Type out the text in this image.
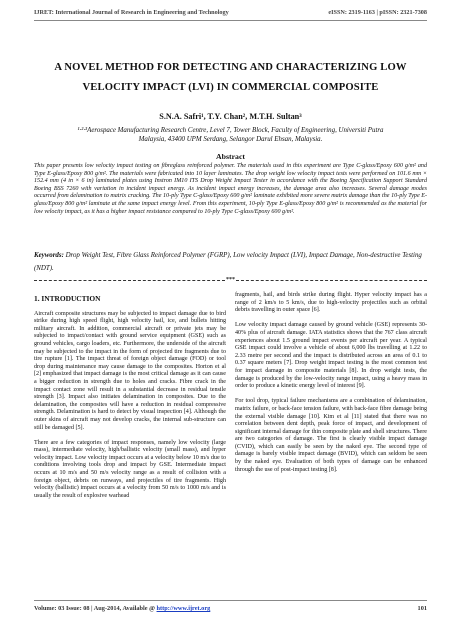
IJRET: International Journal of Research in Engineering and Technology	eISSN: 2319-1163 | pISSN: 2321-7308
A NOVEL METHOD FOR DETECTING AND CHARACTERIZING LOW
VELOCITY IMPACT (LVI) IN COMMERCIAL COMPOSITE
S.N.A. Safri¹, T.Y. Chan², M.T.H. Sultan³
¹·²·³Aerospace Manufacturing Research Centre, Level 7, Tower Block, Faculty of Engineering, Universiti Putra
Malaysia, 43400 UPM Serdang, Selangor Darul Ehsan, Malaysia.
Abstract
This paper presents low velocity impact testing on fibreglass reinforced polymer. The materials used in this experiment are Type C-glass/Epoxy 600 g/m² and Type E-glass/Epoxy 800 g/m². The materials were fabricated into 10 layer laminates. The drop weight low velocity impact tests were performed on 101.6 mm × 152.4 mm (4 in × 6 in) laminated plates using Instron IM10 ITS Drop Weight Impact Tester in accordance with the Boeing Specification Support Standard Boeing BSS 7260 with variation in incident impact energy. As incident impact energy increases, the damage area also increases. Several damage modes occurred from delamination to matrix cracking. The 10-ply Type C-glass/Epoxy 600 g/m² laminate exhibited more severe matrix damage than the 10-ply Type E-glass/Epoxy 800 g/m² laminate at the same impact energy level. From this experiment, 10-ply Type E-glass/Epoxy 800 g/m² is recommended as the material for low velocity impact, as it has a higher impact resistance compared to 10-ply Type C-glass/Epoxy 600 g/m².
Keywords: Drop Weight Test, Fibre Glass Reinforced Polymer (FGRP), Low velocity Impact (LVI), Impact Damage, Non-destructive Testing (NDT).
***
1. INTRODUCTION

Aircraft composite structures may be subjected to impact damage due to bird strike during high speed flight, high velocity hail, ice, and bullets hitting military aircraft. In addition, commercial aircraft or private jets may be subjected to impact/contact with ground service equipment (GSE) such as ground vehicles, cargo loaders, etc. Furthermore, the underside of the aircraft may be subjected to the impact in the form of projected tire fragments due to tire rupture [1]. The impact threat of foreign object damage (FOD) or tool drop during maintenance may cause damage to the composites. Horton et al [2] emphasized that impact damage is the most critical damage as it can cause a bigger reduction in strength due to holes and cracks. Fibre crack in the impact contact zone will result in a substantial decrease in residual tensile strength [3]. Impact also initiates delamination in composites. Due to the delamination, the composites will have a reduction in residual compressive strength. Delamination is hard to detect by visual inspection [4]. Although the outer skins of aircraft may not develop cracks, the internal sub-structure can still be damaged [5].

There are a few categories of impact responses, namely low velocity (large mass), intermediate velocity, high/ballistic velocity (small mass), and hyper velocity impact. Low velocity impact occurs at a velocity below 10 m/s due to conditions involving tools drop and impact by GSE. Intermediate impact occurs at 10 m/s and 50 m/s velocity range as a result of collision with a foreign object, debris on runways, and projectiles of tire fragments. High velocity (ballistic) impact occurs at a velocity from 50 m/s to 1000 m/s and is usually the result of explosive warhead

fragments, hail, and birds strike during flight. Hyper velocity impact has a range of 2 km/s to 5 km/s, due to high-velocity projectiles such as orbital debris travelling in outer space [6].

Low velocity impact damage caused by ground vehicle (GSE) represents 30-40% plus of aircraft damage. IATA statistics shows that the 767 class aircraft experiences about 1.5 ground impact events per aircraft per year. A typical GSE impact could involve a vehicle of about 6,000 lbs travelling at 1.22 to 2.33 metre per second and the impact is distributed across an area of 0.1 to 0.37 square meters [7]. Drop weight impact testing is the most common test for impact damage in composite materials [8]. In drop weight tests, the damage is produced by the low-velocity range impact, using a heavy mass in order to produce a kinetic energy level of interest [9].

For tool drop, typical failure mechanisms are a combination of delamination, matrix failure, or back-face tension failure, with back-face fibre damage being the external visible damage [10]. Kim et al [11] stated that there was no correlation between dent depth, peak force of impact, and development of significant internal damage for thin composite plate and shell structures. There are two categories of damage. The first is clearly visible impact damage (CVID), which can easily be seen by the naked eye. The second type of damage is barely visible impact damage (BVID), which can seldom be seen by the naked eye. Evaluation of both types of damage can be enhanced through the use of post-impact testing [8].

Volume: 03 Issue: 08 | Aug-2014, Available @ http://www.ijret.org	101
